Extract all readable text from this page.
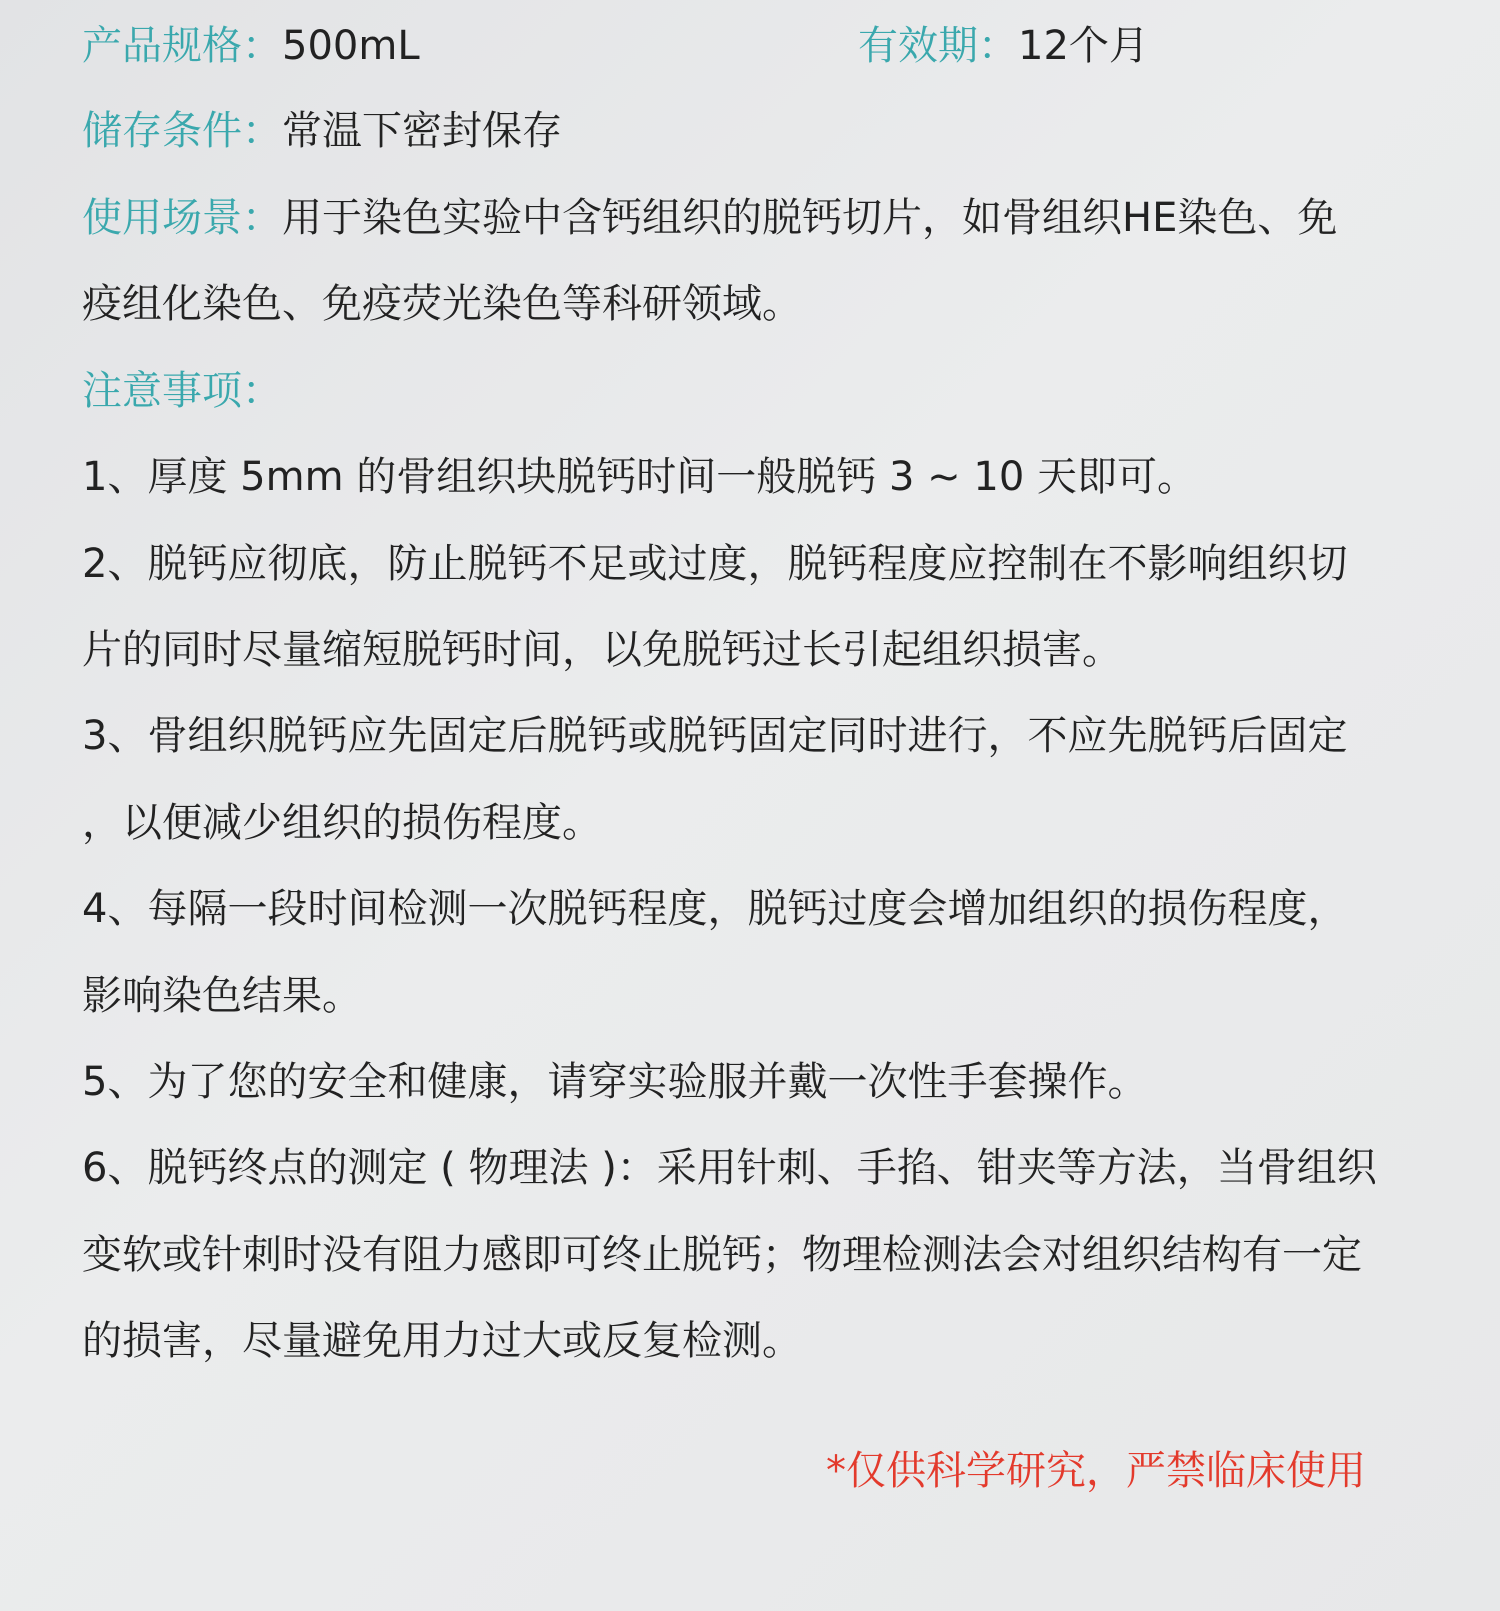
产品规格：500mL	有效期：12个月
储存条件：常温下密封保存
使用场景：用于染色实验中含钙组织的脱钙切片，如骨组织HE染色、免
疫组化染色、免疫荧光染色等科研领域。
注意事项：
1、厚度 5mm 的骨组织块脱钙时间一般脱钙 3 ~ 10 天即可。
2、脱钙应彻底，防止脱钙不足或过度，脱钙程度应控制在不影响组织切
片的同时尽量缩短脱钙时间，以免脱钙过长引起组织损害。
3、骨组织脱钙应先固定后脱钙或脱钙固定同时进行，不应先脱钙后固定
，以便减少组织的损伤程度。
4、每隔一段时间检测一次脱钙程度，脱钙过度会增加组织的损伤程度，
影响染色结果。
5、为了您的安全和健康，请穿实验服并戴一次性手套操作。
6、脱钙终点的测定 ( 物理法 )：采用针刺、手掐、钳夹等方法，当骨组织
变软或针刺时没有阻力感即可终止脱钙；物理检测法会对组织结构有一定
的损害，尽量避免用力过大或反复检测。
*仅供科学研究，严禁临床使用
